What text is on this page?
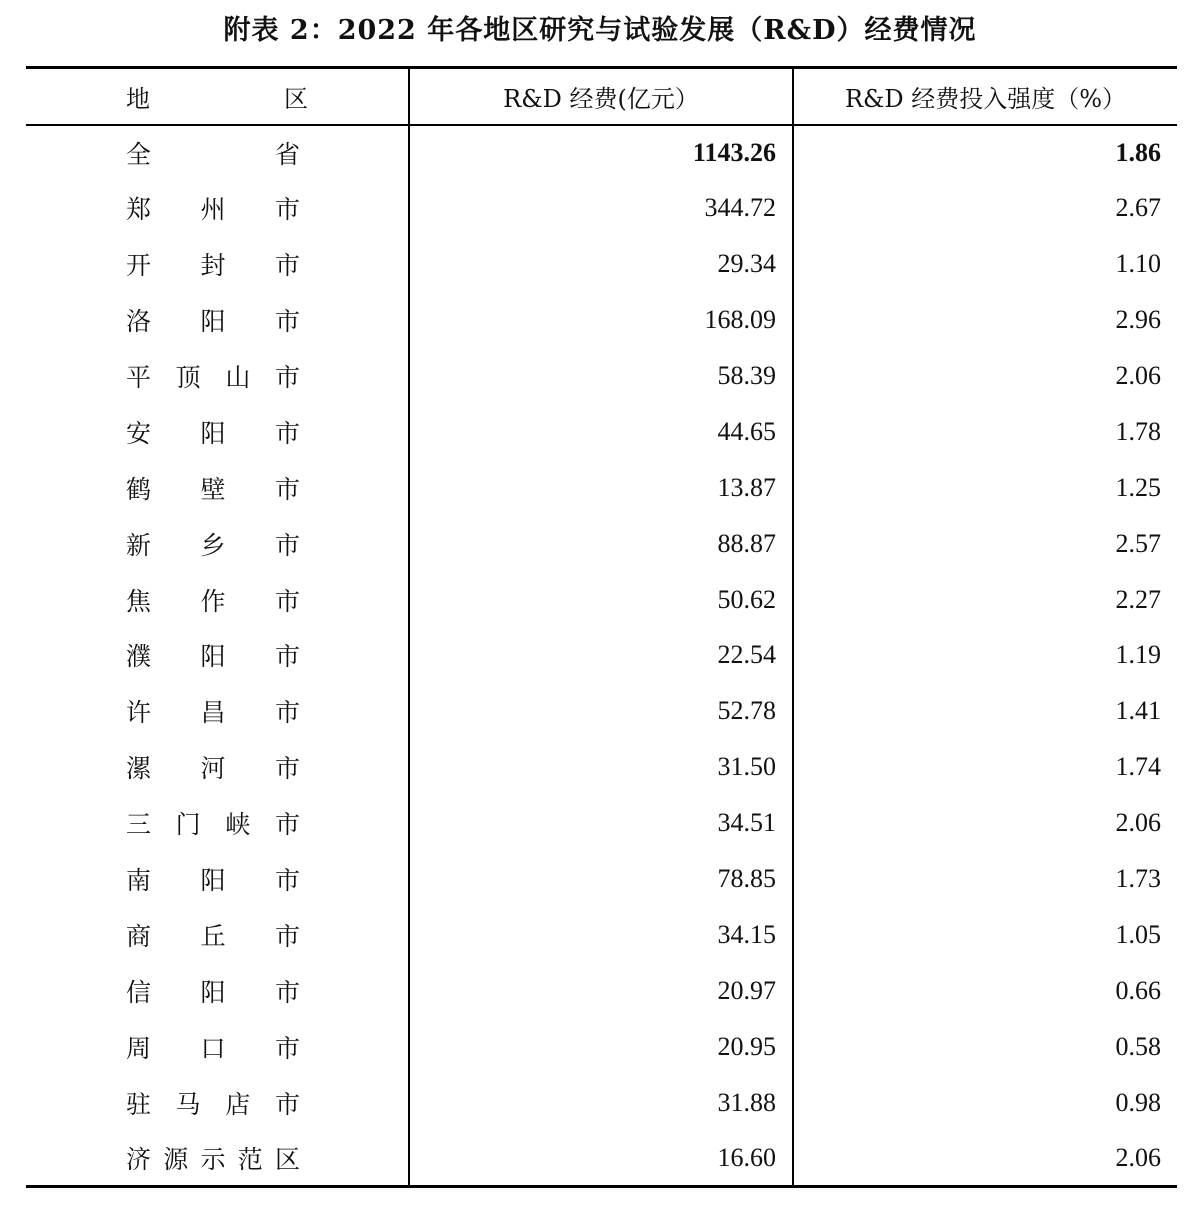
附表 2：2022 年各地区研究与试验发展（R&D）经费情况
地 区	R&D 经费(亿元）	R&D 经费投入强度（%）

全 省	1143.26	1.86

郑 州 市	344.72	2.67

开 封 市	29.34	1.10

洛 阳 市	168.09	2.96

平 顶 山 市	58.39	2.06

安 阳 市	44.65	1.78

鹤 壁 市	13.87	1.25

新 乡 市	88.87	2.57

焦 作 市	50.62	2.27

濮 阳 市	22.54	1.19

许 昌 市	52.78	1.41

漯 河 市	31.50	1.74

三 门 峡 市	34.51	2.06

南 阳 市	78.85	1.73

商 丘 市	34.15	1.05

信 阳 市	20.97	0.66

周 口 市	20.95	0.58

驻 马 店 市	31.88	0.98

济 源 示 范 区	16.60	2.06
